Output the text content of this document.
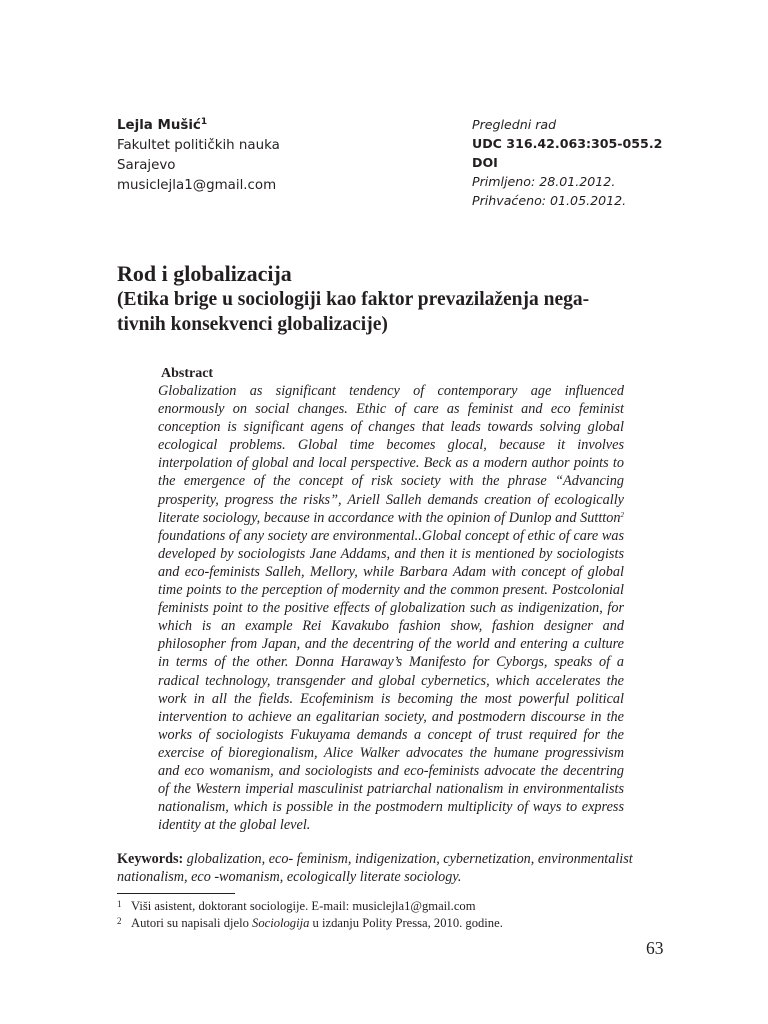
Lejla Mušić$^1$
Fakultet političkih nauka
Sarajevo
musiclejla1@gmail.com
Pregledni rad
UDC 316.42.063:305-055.2
DOI
Primljeno: 28.01.2012.
Prihvaćeno: 01.05.2012.
Rod i globalizacija
(Etika brige u sociologiji kao faktor prevazilaženja nega-
tivnih konsekvenci globalizacije)
Abstract

Globalization as significant tendency of contemporary age influenced enormously on social changes. Ethic of care as feminist and eco feminist conception is significant agens of changes that leads towards solving global ecological problems. Global time becomes glocal, because it involves interpolation of global and local perspective. Beck as a modern author points to the emergence of the concept of risk society with the phrase “Advancing prosperity, progress the risks”, Ariell Salleh demands creation of ecologically literate sociology, because in accordance with the opinion of Dunlop and Suttton$^2$ foundations of any society are environmental..Global concept of ethic of care was developed by sociologists Jane Addams, and then it is mentioned by sociologists and eco-feminists Salleh, Mellory, while Barbara Adam with concept of global time points to the perception of modernity and the common present. Postcolonial feminists point to the positive effects of globalization such as indigenization, for which is an example Rei Kavakubo fashion show, fashion designer and philosopher from Japan, and the decentring of the world and entering a culture in terms of the other. Donna Haraway’s Manifesto for Cyborgs, speaks of a radical technology, transgender and global cybernetics, which accelerates the work in all the fields. Ecofeminism is becoming the most powerful political intervention to achieve an egalitarian society, and postmodern discourse in the works of sociologists Fukuyama demands a concept of trust required for the exercise of bioregionalism, Alice Walker advocates the humane progressivism and eco womanism, and sociologists and eco-feminists advocate the decentring of the Western imperial masculinist patriarchal nationalism in environmentalists nationalism, which is possible in the postmodern multiplicity of ways to express identity at the global level.

Keywords: globalization, eco- feminism, indigenization, cybernetization, environmentalist nationalism, eco -womanism, ecologically literate sociology.

1 Viši asistent, doktorant sociologije. E-mail: musiclejla1@gmail.com
2 Autori su napisali djelo Sociologija u izdanju Polity Pressa, 2010. godine.
63
